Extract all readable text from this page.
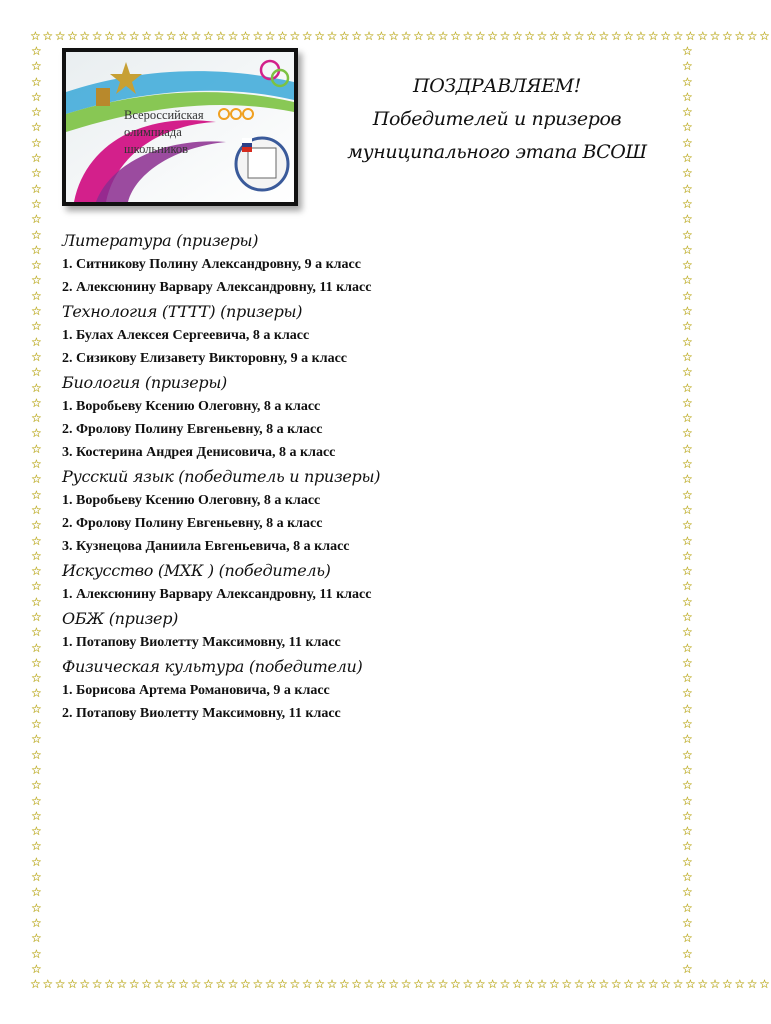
☆☆☆☆☆☆☆☆☆☆☆☆☆☆☆☆☆☆☆☆☆☆☆☆☆☆☆☆☆☆☆☆☆☆☆☆☆☆☆☆☆☆☆☆☆☆☆☆☆☆☆☆☆☆☆☆☆☆☆☆
☆☆☆☆☆☆☆☆☆☆☆☆☆☆☆☆☆☆☆☆☆☆☆☆☆☆☆☆☆☆☆☆☆☆☆☆☆☆☆☆☆☆☆☆☆☆☆☆☆☆☆☆☆☆☆☆☆☆☆☆
☆☆☆☆☆☆☆☆☆☆☆☆☆☆☆☆☆☆☆☆☆☆☆☆☆☆☆☆☆☆☆☆☆☆☆☆☆☆☆☆☆☆☆☆☆☆☆☆☆☆☆☆☆☆☆☆☆☆☆☆☆
☆☆☆☆☆☆☆☆☆☆☆☆☆☆☆☆☆☆☆☆☆☆☆☆☆☆☆☆☆☆☆☆☆☆☆☆☆☆☆☆☆☆☆☆☆☆☆☆☆☆☆☆☆☆☆☆☆☆☆☆☆
Всероссийская
олимпиада
школьников
ПОЗДРАВЛЯЕМ!
Победителей и призеров
муниципального этапа ВСОШ
Литература (призеры)
1. Ситникову Полину Александровну, 9 а класс
2. Алексюнину Варвару Александровну, 11 класс
Технология (ТТТТ) (призеры)
1. Булах Алексея Сергеевича, 8 а класс
2. Сизикову Елизавету Викторовну, 9 а класс
Биология (призеры)
1. Воробьеву Ксению Олеговну, 8 а класс
2. Фролову Полину Евгеньевну, 8 а класс
3. Костерина Андрея Денисовича, 8 а класс
Русский язык (победитель и призеры)
1. Воробьеву Ксению Олеговну, 8 а класс
2. Фролову Полину Евгеньевну, 8 а класс
3. Кузнецова Даниила Евгеньевича, 8 а класс
Искусство (МХК ) (победитель)
1. Алексюнину Варвару Александровну, 11 класс
ОБЖ (призер)
1. Потапову Виолетту Максимовну, 11 класс
Физическая культура (победители)
1. Борисова Артема Романовича, 9 а класс
2. Потапову Виолетту Максимовну, 11 класс
